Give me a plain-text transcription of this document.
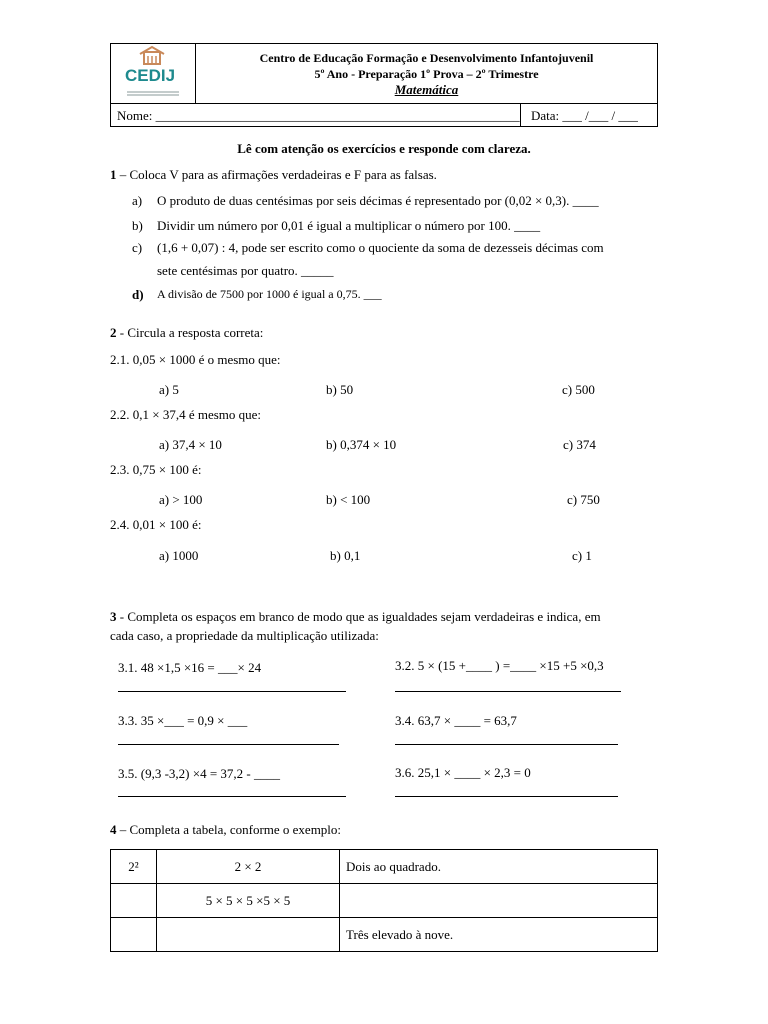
CEDIJ
Centro de Educação Formação e Desenvolvimento Infantojuvenil
5º Ano - Preparação 1º Prova – 2º Trimestre
Matemática
Nome: ________________________________________________________ Data: ___ /___ / ___
Lê com atenção os exercícios e responde com clareza.
1 – Coloca V para as afirmações verdadeiras e F para as falsas.
a) O produto de duas centésimas por seis décimas é representado por (0,02 × 0,3). ____
b) Dividir um número por 0,01 é igual a multiplicar o número por 100. ____
c) (1,6 + 0,07) : 4, pode ser escrito como o quociente da soma de dezesseis décimas com
sete centésimas por quatro. _____
d) A divisão de 7500 por 1000 é igual a 0,75. ___
2 - Circula a resposta correta:
2.1. 0,05 × 1000 é o mesmo que:
a) 5	b) 50	c) 500
2.2. 0,1 × 37,4 é mesmo que:
a) 37,4 × 10	b) 0,374 × 10	c) 374
2.3. 0,75 × 100 é:
a) > 100	b) < 100	c) 750
2.4. 0,01 × 100 é:
a) 1000	b) 0,1	c) 1
3 - Completa os espaços em branco de modo que as igualdades sejam verdadeiras e indica, em
cada caso, a propriedade da multiplicação utilizada:
3.1. 48 ×1,5 ×16 = ___× 24	3.2. 5 × (15 +____ ) =____ ×15 +5 ×0,3
3.3. 35 ×___ = 0,9 × ___	3.4. 63,7 × ____ = 63,7
3.5. (9,3 -3,2) ×4 = 37,2 - ____	3.6. 25,1 × ____ × 2,3 = 0
4 – Completa a tabela, conforme o exemplo:
2²	2 × 2	Dois ao quadrado.
	5 × 5 × 5 ×5 × 5	
		Três elevado à nove.
